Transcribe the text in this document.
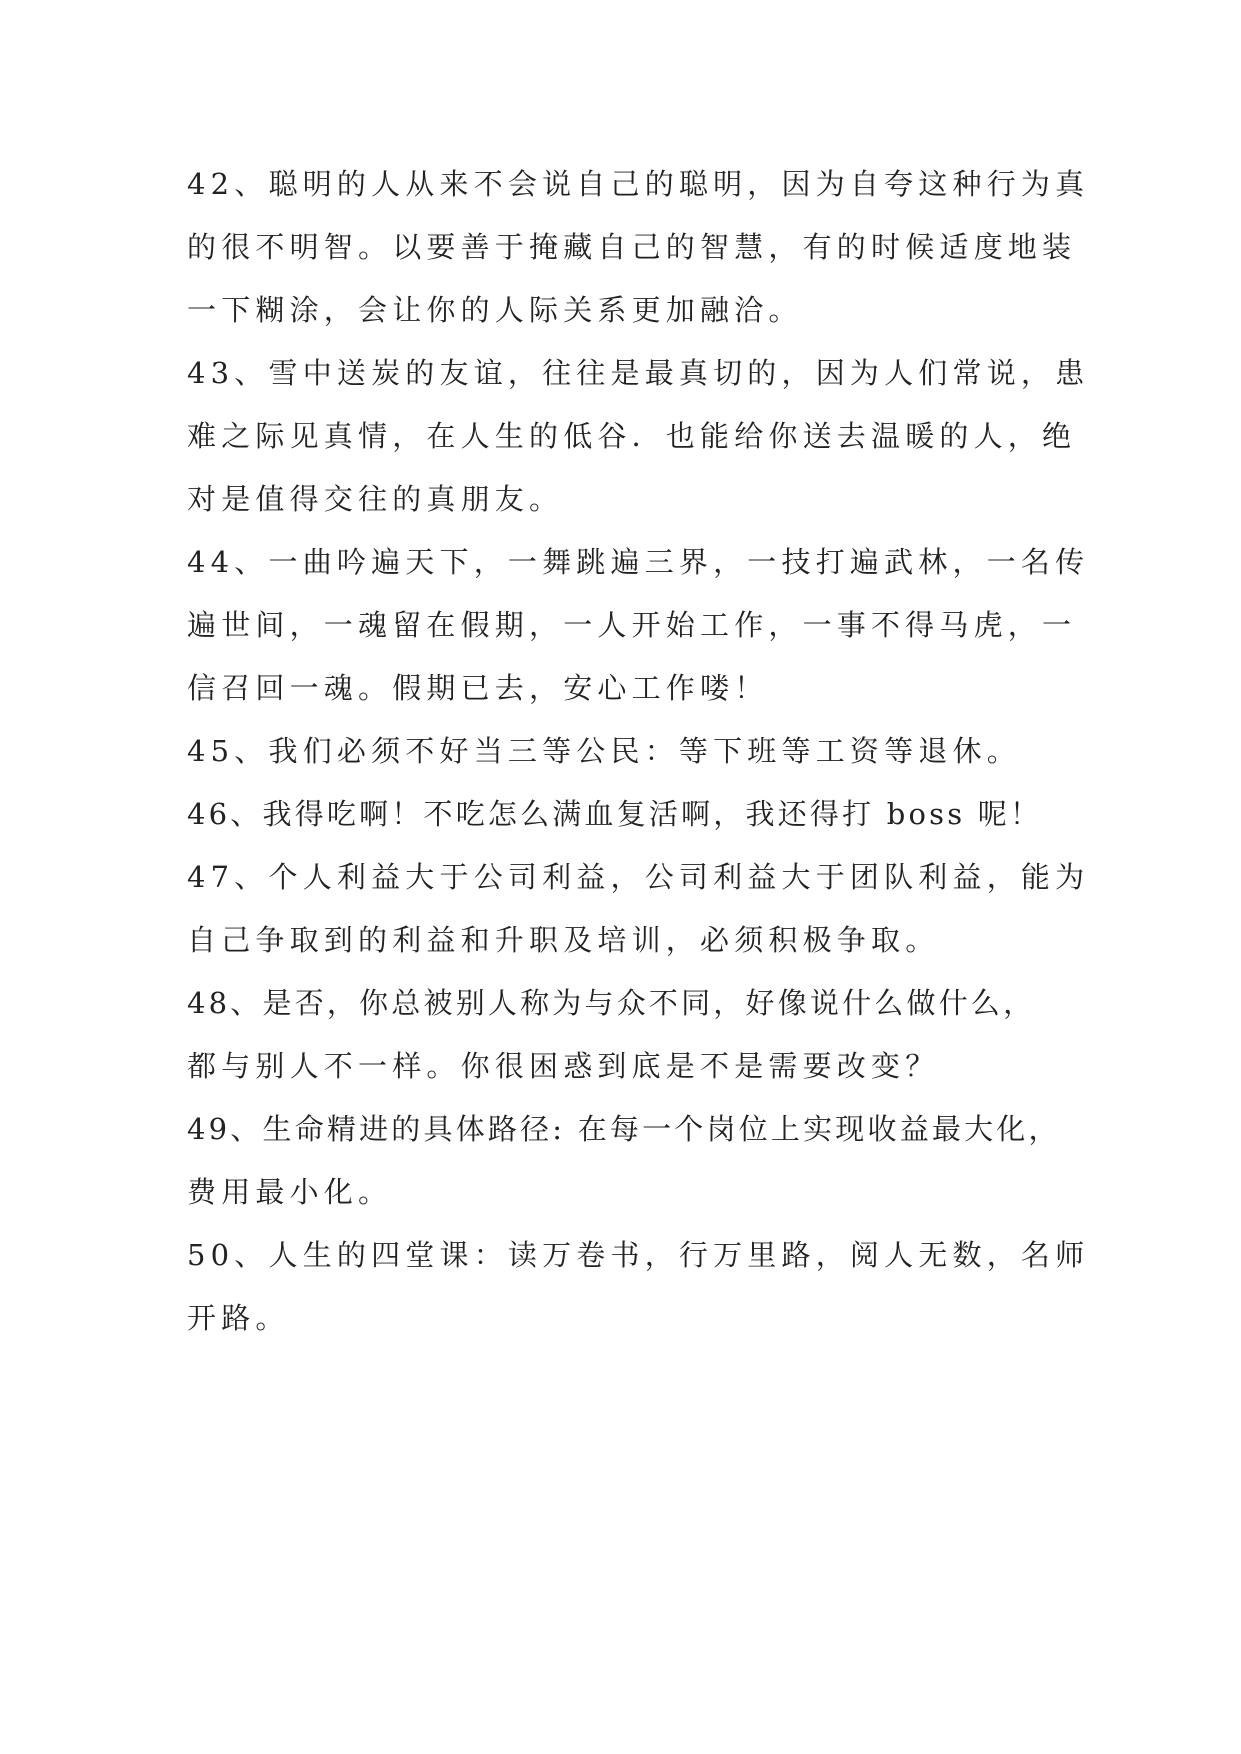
42、聪明的人从来不会说自己的聪明，因为自夸这种行为真
的很不明智。以要善于掩藏自己的智慧，有的时候适度地装
一下糊涂，会让你的人际关系更加融洽。
43、雪中送炭的友谊，往往是最真切的，因为人们常说，患
难之际见真情，在人生的低谷．也能给你送去温暖的人，绝
对是值得交往的真朋友。
44、一曲吟遍天下，一舞跳遍三界，一技打遍武林，一名传
遍世间，一魂留在假期，一人开始工作，一事不得马虎，一
信召回一魂。假期已去，安心工作喽！
45、我们必须不好当三等公民：等下班等工资等退休。
46、我得吃啊！不吃怎么满血复活啊，我还得打 boss 呢！
47、个人利益大于公司利益，公司利益大于团队利益，能为
自己争取到的利益和升职及培训，必须积极争取。
48、是否，你总被别人称为与众不同，好像说什么做什么，
都与别人不一样。你很困惑到底是不是需要改变？
49、生命精进的具体路径: 在每一个岗位上实现收益最大化，
费用最小化。
50、人生的四堂课：读万卷书，行万里路，阅人无数，名师
开路。
